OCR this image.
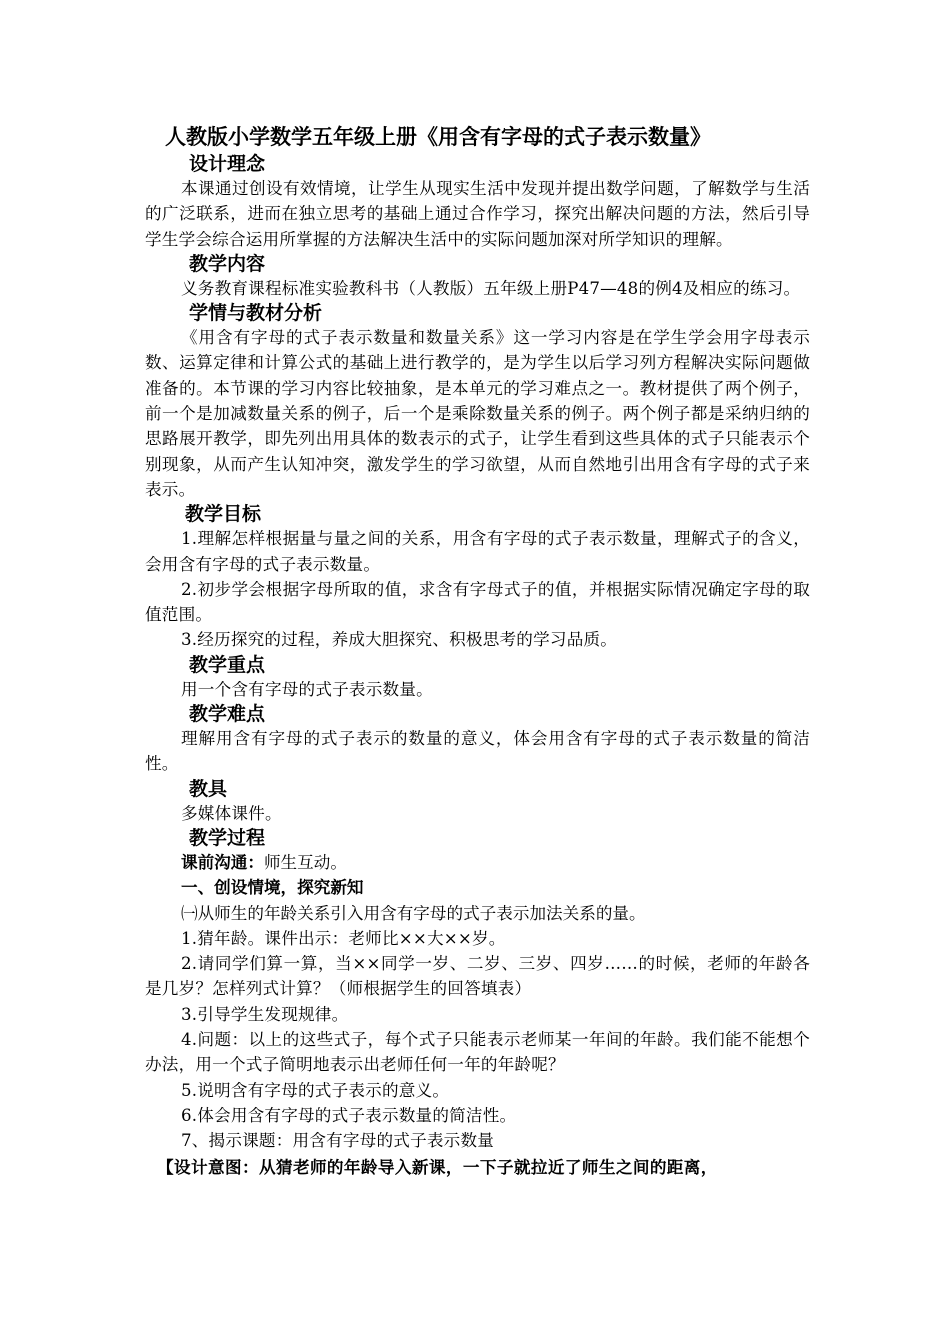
人教版小学数学五年级上册《用含有字母的式子表示数量》
设计理念

本课通过创设有效情境，让学生从现实生活中发现并提出数学问题，了解数学与生活的广泛联系，进而在独立思考的基础上通过合作学习，探究出解决问题的方法，然后引导学生学会综合运用所掌握的方法解决生活中的实际问题加深对所学知识的理解。

教学内容

义务教育课程标准实验教科书（人教版）五年级上册P47—48的例4及相应的练习。

学情与教材分析

《用含有字母的式子表示数量和数量关系》这一学习内容是在学生学会用字母表示数、运算定律和计算公式的基础上进行教学的，是为学生以后学习列方程解决实际问题做准备的。本节课的学习内容比较抽象，是本单元的学习难点之一。教材提供了两个例子，前一个是加减数量关系的例子，后一个是乘除数量关系的例子。两个例子都是采纳归纳的思路展开教学，即先列出用具体的数表示的式子，让学生看到这些具体的式子只能表示个别现象，从而产生认知冲突，激发学生的学习欲望，从而自然地引出用含有字母的式子来表示。

教学目标

1.理解怎样根据量与量之间的关系，用含有字母的式子表示数量，理解式子的含义，会用含有字母的式子表示数量。

2.初步学会根据字母所取的值，求含有字母式子的值，并根据实际情况确定字母的取值范围。

3.经历探究的过程，养成大胆探究、积极思考的学习品质。

教学重点

用一个含有字母的式子表示数量。

教学难点

理解用含有字母的式子表示的数量的意义，体会用含有字母的式子表示数量的简洁性。

教具

多媒体课件。

教学过程

课前沟通：师生互动。

一、创设情境，探究新知

㈠从师生的年龄关系引入用含有字母的式子表示加法关系的量。

1.猜年龄。课件出示：老师比××大××岁。

2.请同学们算一算，当××同学一岁、二岁、三岁、四岁……的时候，老师的年龄各是几岁？怎样列式计算？（师根据学生的回答填表）

3.引导学生发现规律。

4.问题：以上的这些式子，每个式子只能表示老师某一年间的年龄。我们能不能想个办法，用一个式子简明地表示出老师任何一年的年龄呢？

5.说明含有字母的式子表示的意义。

6.体会用含有字母的式子表示数量的简洁性。

7、揭示课题：用含有字母的式子表示数量

【设计意图：从猜老师的年龄导入新课，一下子就拉近了师生之间的距离，
